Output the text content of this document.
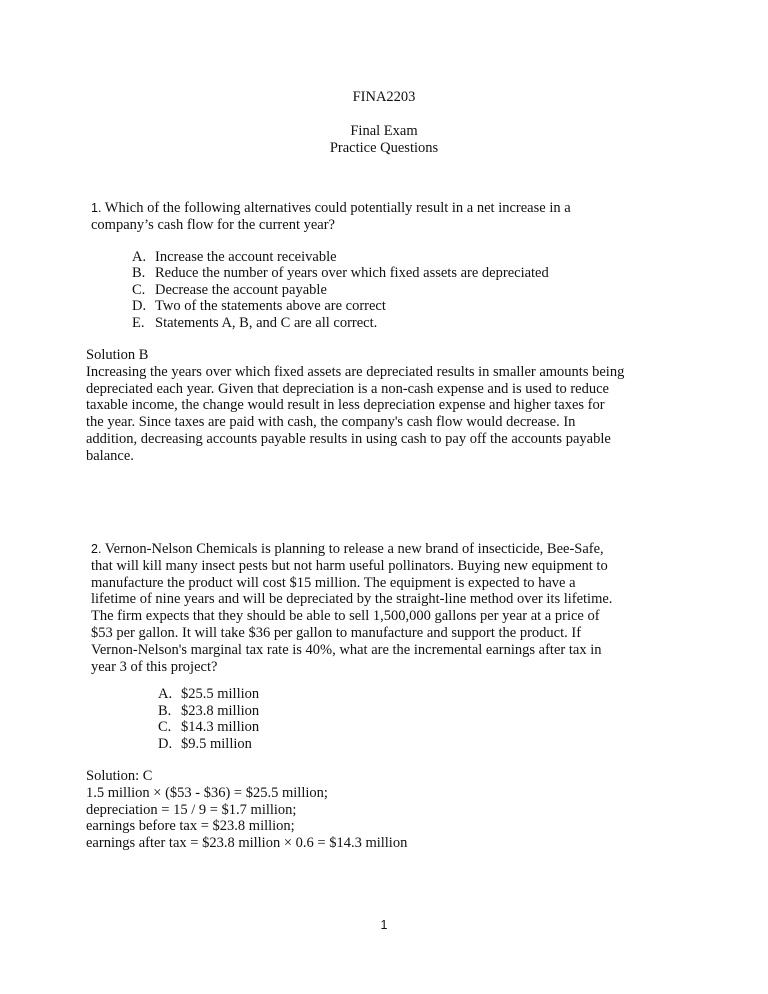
FINA2203
Final Exam
Practice Questions
1. Which of the following alternatives could potentially result in a net increase in a
company’s cash flow for the current year?
A. Increase the account receivable
B. Reduce the number of years over which fixed assets are depreciated
C. Decrease the account payable
D. Two of the statements above are correct
E. Statements A, B, and C are all correct.
Solution B
Increasing the years over which fixed assets are depreciated results in smaller amounts being
depreciated each year. Given that depreciation is a non-cash expense and is used to reduce
taxable income, the change would result in less depreciation expense and higher taxes for
the year. Since taxes are paid with cash, the company's cash flow would decrease. In
addition, decreasing accounts payable results in using cash to pay off the accounts payable
balance.
2. Vernon-Nelson Chemicals is planning to release a new brand of insecticide, Bee-Safe,
that will kill many insect pests but not harm useful pollinators. Buying new equipment to
manufacture the product will cost $15 million. The equipment is expected to have a
lifetime of nine years and will be depreciated by the straight-line method over its lifetime.
The firm expects that they should be able to sell 1,500,000 gallons per year at a price of
$53 per gallon. It will take $36 per gallon to manufacture and support the product. If
Vernon-Nelson's marginal tax rate is 40%, what are the incremental earnings after tax in
year 3 of this project?
A. $25.5 million
B. $23.8 million
C. $14.3 million
D. $9.5 million
Solution: C
1.5 million × ($53 - $36) = $25.5 million;
depreciation = 15 / 9 = $1.7 million;
earnings before tax = $23.8 million;
earnings after tax = $23.8 million × 0.6 = $14.3 million
1
